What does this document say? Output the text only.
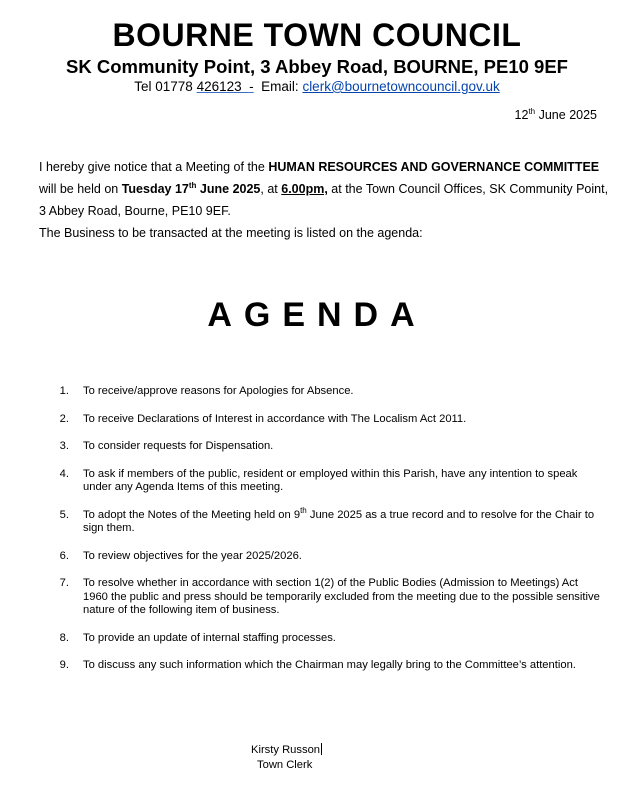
BOURNE TOWN COUNCIL
SK Community Point, 3 Abbey Road, BOURNE, PE10 9EF
Tel 01778 426123 - Email: clerk@bournetowncouncil.gov.uk
12th June 2025

I hereby give notice that a Meeting of the HUMAN RESOURCES AND GOVERNANCE COMMITTEE will be held on Tuesday 17th June 2025, at 6.00pm, at the Town Council Offices, SK Community Point, 3 Abbey Road, Bourne, PE10 9EF.

The Business to be transacted at the meeting is listed on the agenda:

AGENDA
1. To receive/approve reasons for Apologies for Absence.
2. To receive Declarations of Interest in accordance with The Localism Act 2011.
3. To consider requests for Dispensation.
4. To ask if members of the public, resident or employed within this Parish, have any intention to speak under any Agenda Items of this meeting.
5. To adopt the Notes of the Meeting held on 9th June 2025 as a true record and to resolve for the Chair to sign them.
6. To review objectives for the year 2025/2026.
7. To resolve whether in accordance with section 1(2) of the Public Bodies (Admission to Meetings) Act 1960 the public and press should be temporarily excluded from the meeting due to the possible sensitive nature of the following item of business.
8. To provide an update of internal staffing processes.
9. To discuss any such information which the Chairman may legally bring to the Committee’s attention.
Kirsty Russon
Town Clerk
